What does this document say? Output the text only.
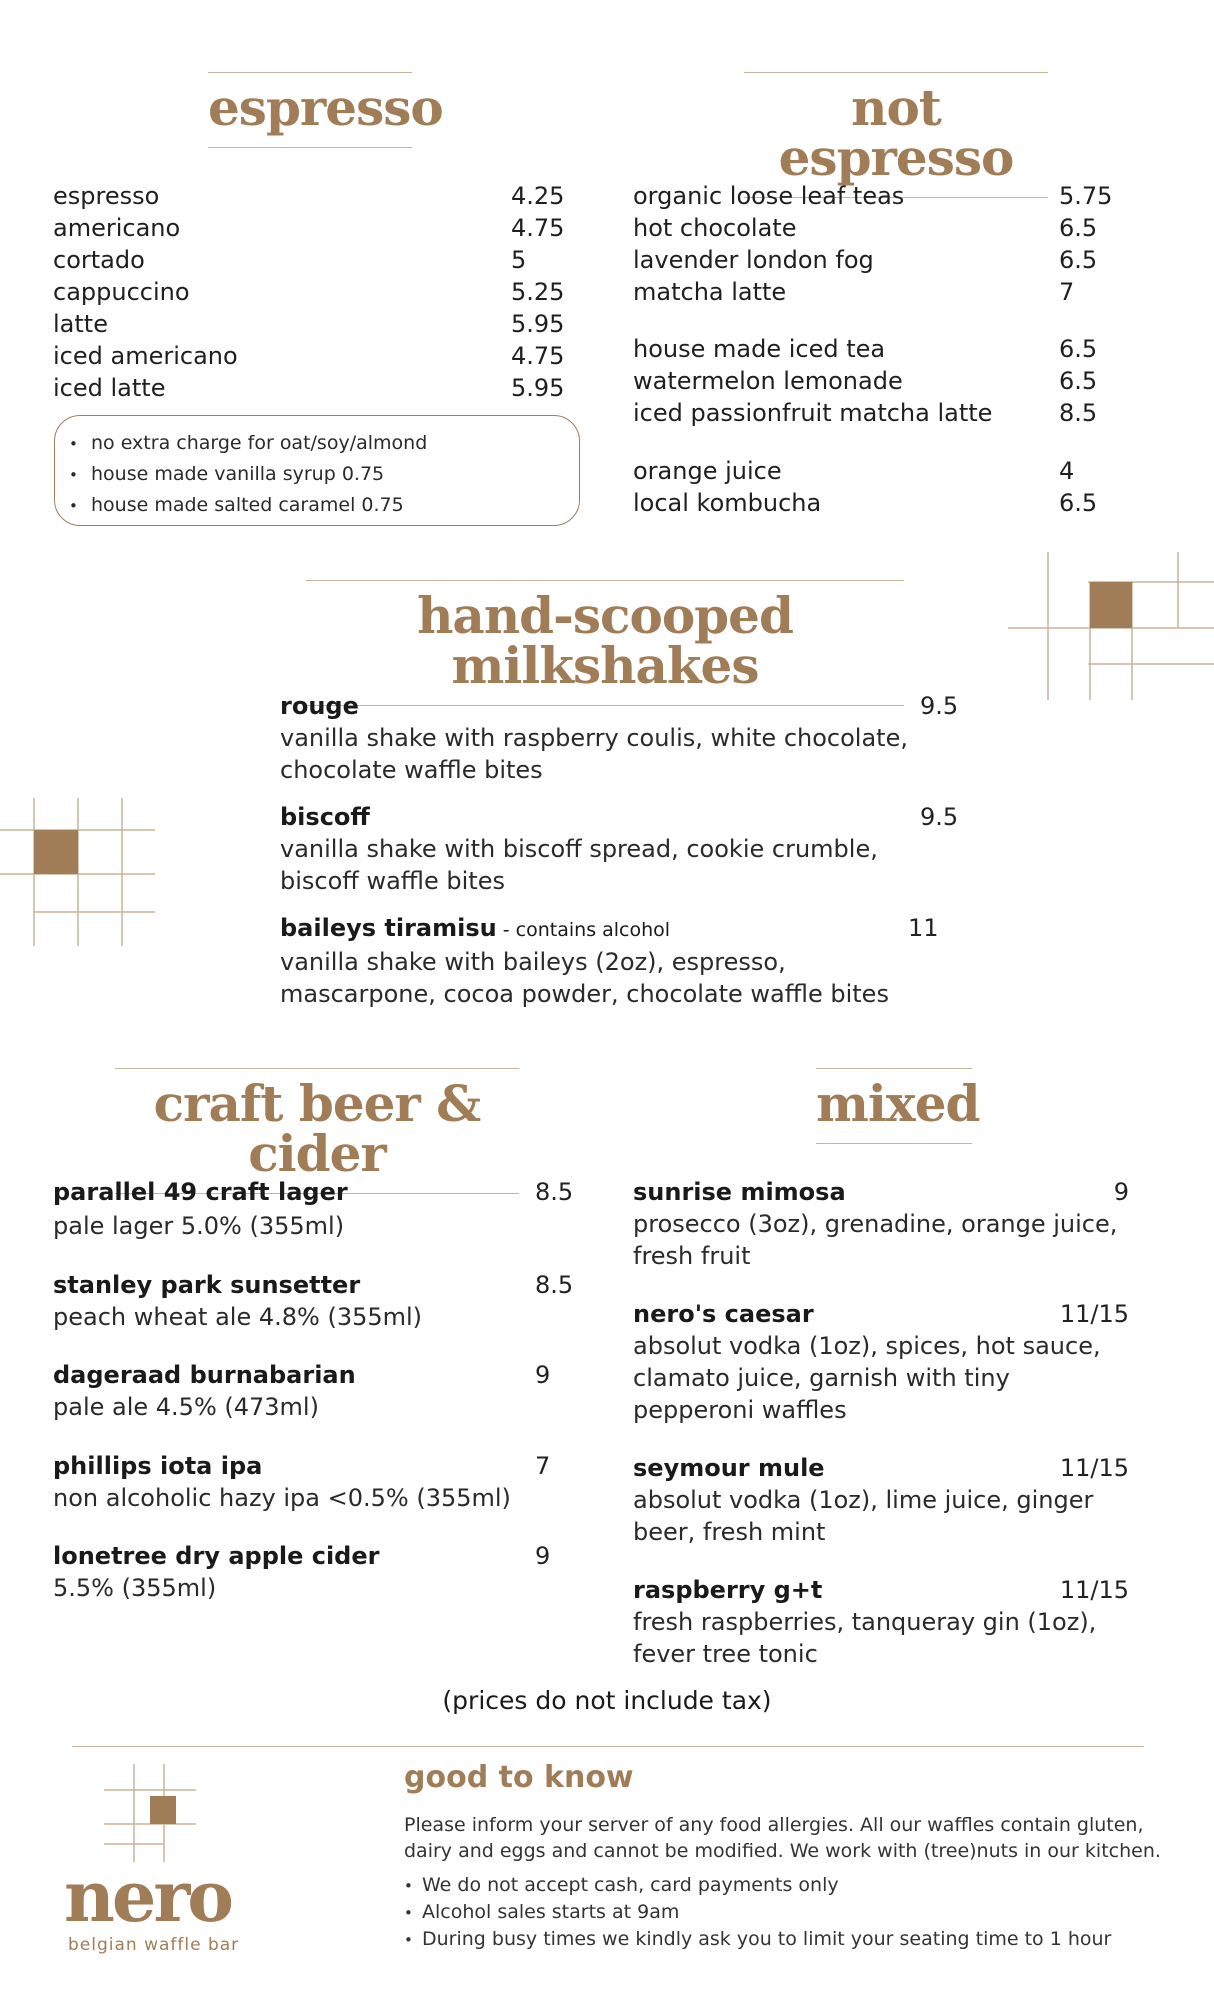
espresso
espresso	4.25
americano	4.75
cortado	5
cappuccino	5.25
latte	5.95
iced americano	4.75
iced latte	5.95
• no extra charge for oat/soy/almond
• house made vanilla syrup 0.75
• house made salted caramel 0.75
not espresso
organic loose leaf teas	5.75
hot chocolate	6.5
lavender london fog	6.5
matcha latte	7
house made iced tea	6.5
watermelon lemonade	6.5
iced passionfruit matcha latte	8.5
orange juice	4
local kombucha	6.5
hand-scooped milkshakes
rouge	9.5
vanilla shake with raspberry coulis, white chocolate, chocolate waffle bites
biscoff	9.5
vanilla shake with biscoff spread, cookie crumble, biscoff waffle bites
baileys tiramisu - contains alcohol	11
vanilla shake with baileys (2oz), espresso, mascarpone, cocoa powder, chocolate waffle bites
craft beer & cider
parallel 49 craft lager	8.5
pale lager 5.0% (355ml)
stanley park sunsetter	8.5
peach wheat ale 4.8% (355ml)
dageraad burnabarian	9
pale ale 4.5% (473ml)
phillips iota ipa	7
non alcoholic hazy ipa <0.5% (355ml)
lonetree dry apple cider	9
5.5% (355ml)
mixed
sunrise mimosa	9
prosecco (3oz), grenadine, orange juice, fresh fruit
nero's caesar	11/15
absolut vodka (1oz), spices, hot sauce, clamato juice, garnish with tiny pepperoni waffles
seymour mule	11/15
absolut vodka (1oz), lime juice, ginger beer, fresh mint
raspberry g+t	11/15
fresh raspberries, tanqueray gin (1oz), fever tree tonic
(prices do not include tax)
nero
belgian waffle bar
good to know
Please inform your server of any food allergies. All our waffles contain gluten, dairy and eggs and cannot be modified. We work with (tree)nuts in our kitchen.
• We do not accept cash, card payments only
• Alcohol sales starts at 9am
• During busy times we kindly ask you to limit your seating time to 1 hour
